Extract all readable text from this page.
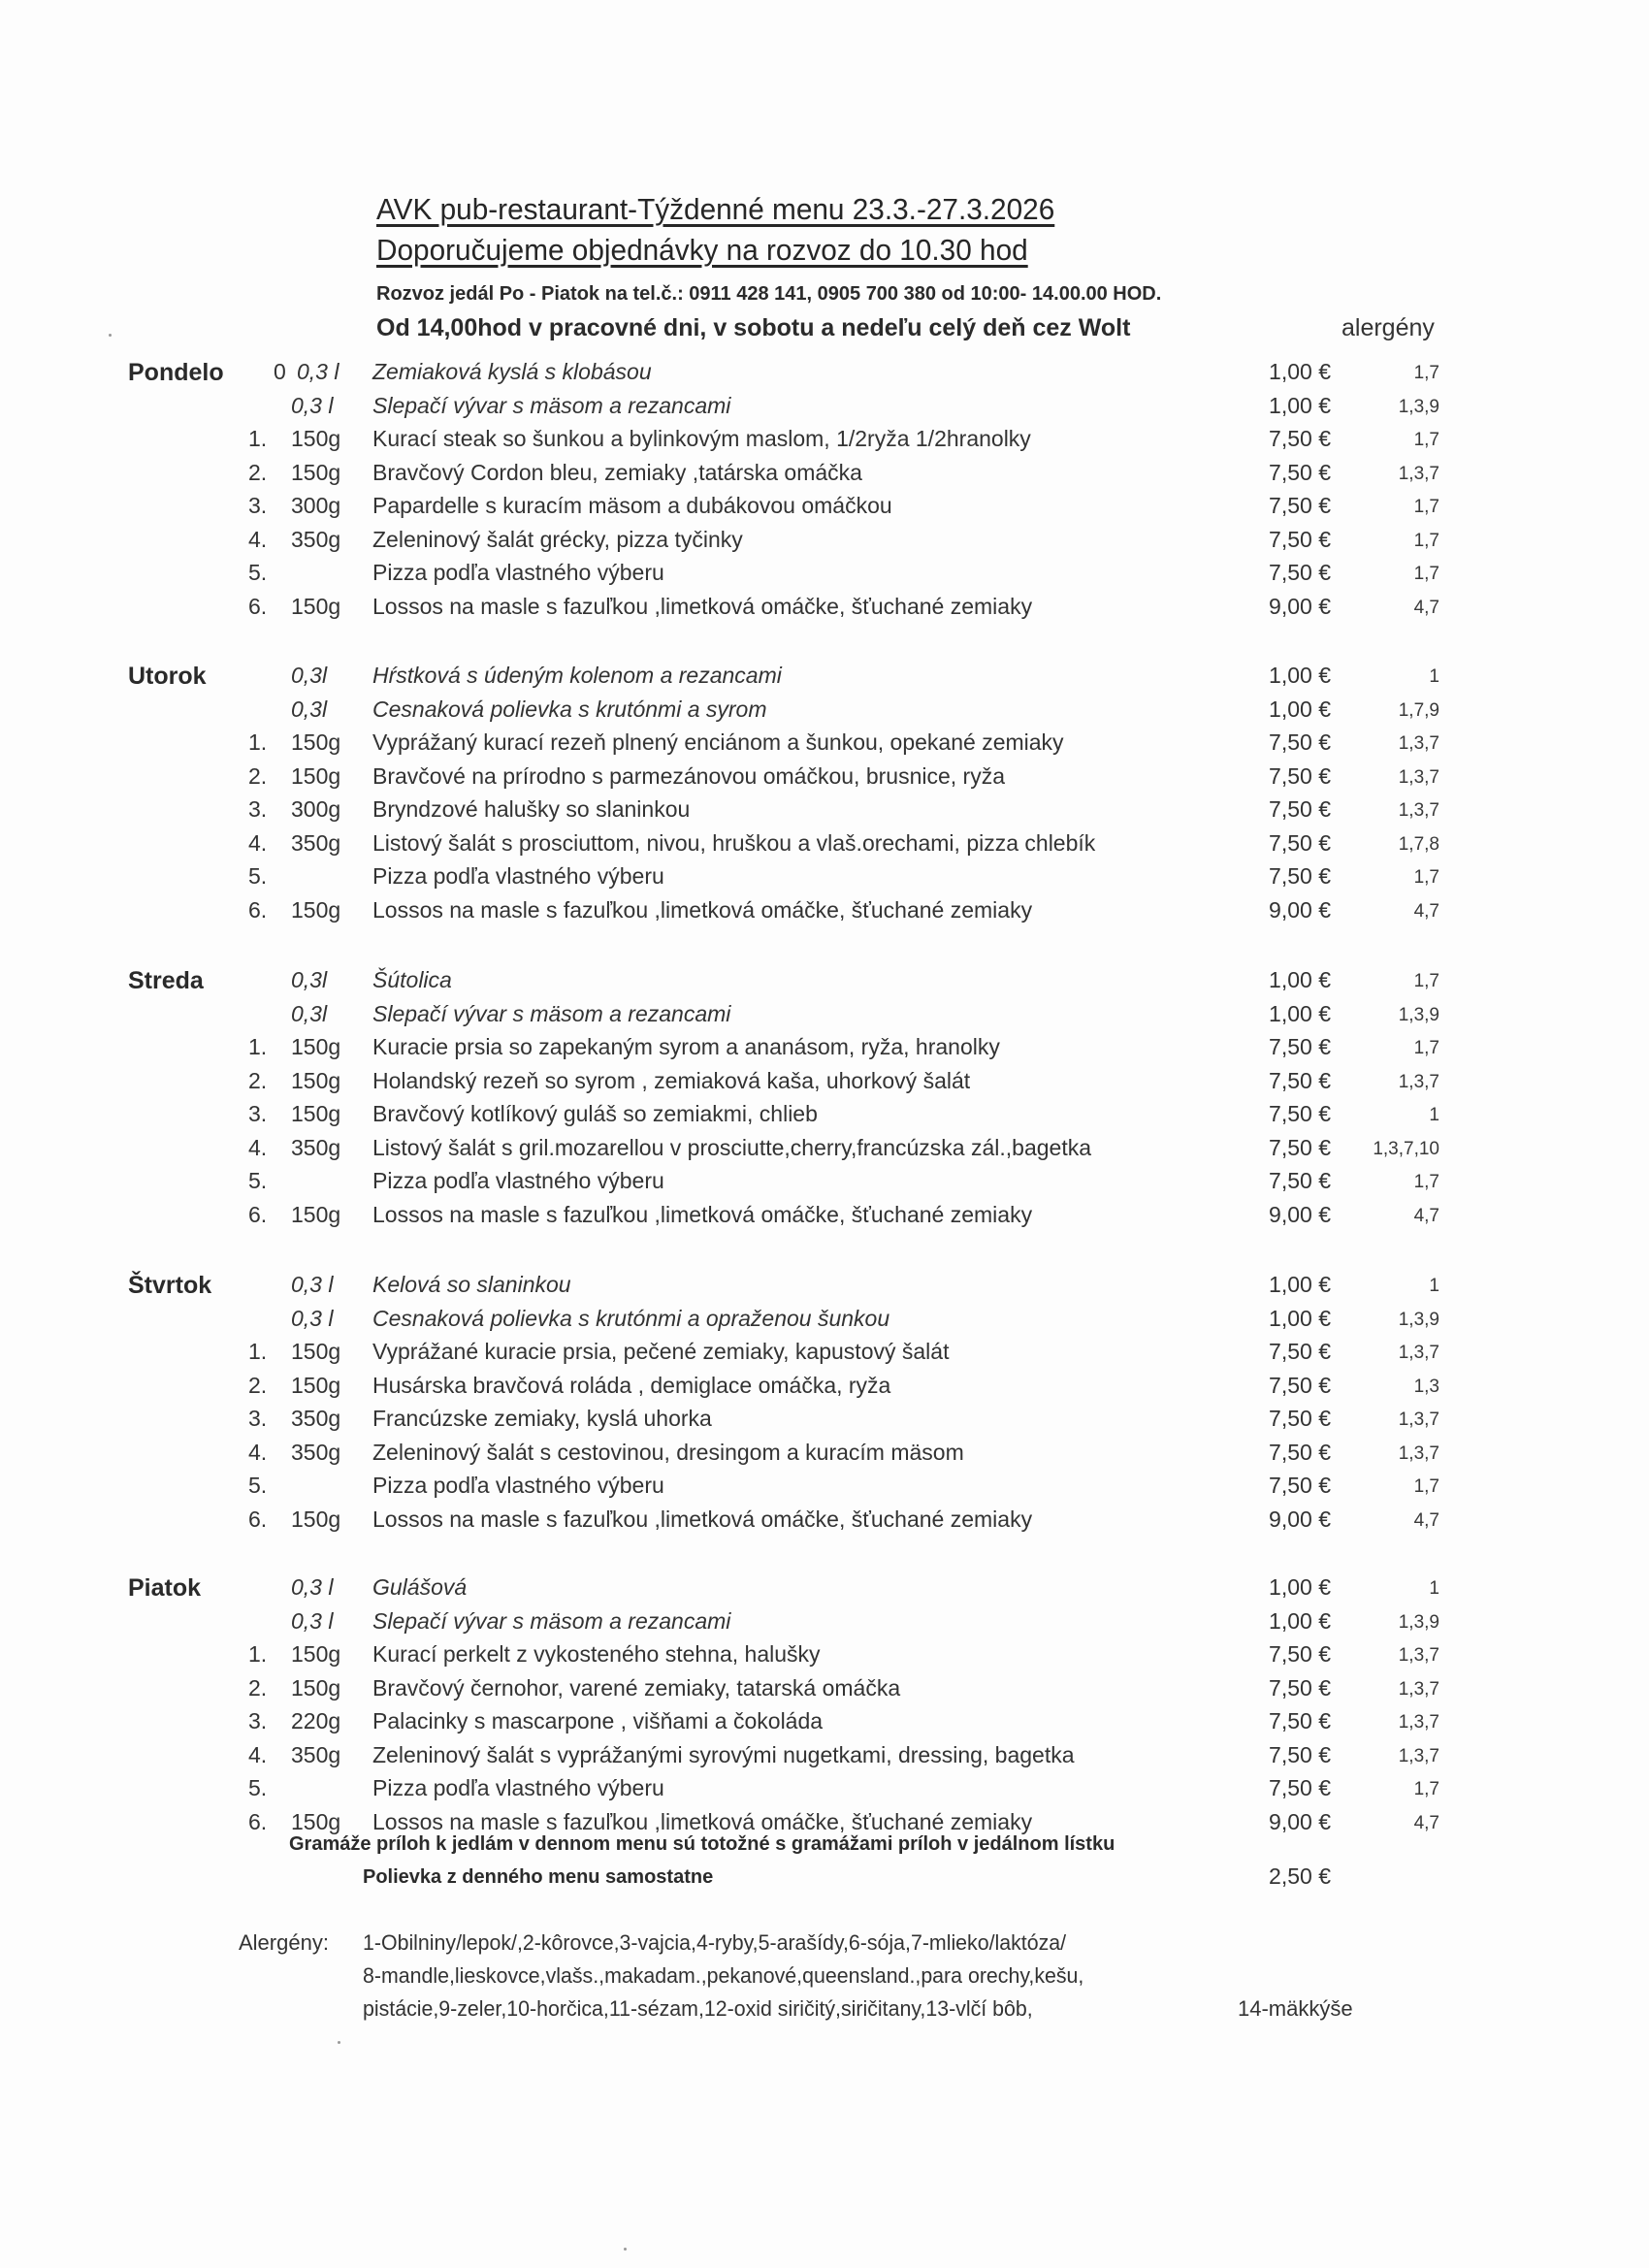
AVK pub-restaurant-Týždenné menu 23.3.-27.3.2026
Doporučujeme objednávky na rozvoz do 10.30 hod
Rozvoz jedál Po - Piatok na tel.č.: 0911 428 141, 0905 700 380 od 10:00- 14.00.00 HOD.
Od 14,00hod v pracovné dni, v sobotu a nedeľu celý deň cez Wolt	alergény
Pondelo 0 0,3 l Zemiaková kyslá s klobásou	1,00 €	1,7
0,3 l Slepačí vývar s mäsom a rezancami	1,00 €	1,3,9
1. 150g Kurací steak so šunkou a bylinkovým maslom, 1/2ryža 1/2hranolky	7,50 €	1,7
2. 150g Bravčový Cordon bleu, zemiaky ,tatárska omáčka	7,50 €	1,3,7
3. 300g Papardelle s kuracím mäsom a dubákovou omáčkou	7,50 €	1,7
4. 350g Zeleninový šalát grécky, pizza tyčinky	7,50 €	1,7
5.	Pizza podľa vlastného výberu	7,50 €	1,7
6. 150g Lossos na masle s fazuľkou ,limetková omáčke, šťuchané zemiaky	9,00 €	4,7
Utorok	0,3l Hŕstková s údeným kolenom a rezancami	1,00 €	1
0,3l Cesnaková polievka s krutónmi a syrom	1,00 €	1,7,9
1. 150g Vyprážaný kurací rezeň plnený enciánom a šunkou, opekané zemiaky	7,50 €	1,3,7
2. 150g Bravčové na prírodno s parmezánovou omáčkou, brusnice, ryža	7,50 €	1,3,7
3. 300g Bryndzové halušky so slaninkou	7,50 €	1,3,7
4. 350g Listový šalát s prosciuttom, nivou, hruškou a vlaš.orechami, pizza chlebík	7,50 €	1,7,8
5.	Pizza podľa vlastného výberu	7,50 €	1,7
6. 150g Lossos na masle s fazuľkou ,limetková omáčke, šťuchané zemiaky	9,00 €	4,7
Streda	0,3l Šútolica	1,00 €	1,7
0,3l Slepačí vývar s mäsom a rezancami	1,00 €	1,3,9
1. 150g Kuracie prsia so zapekaným syrom a ananásom, ryža, hranolky	7,50 €	1,7
2. 150g Holandský rezeň so syrom , zemiaková kaša, uhorkový šalát	7,50 €	1,3,7
3. 150g Bravčový kotlíkový guláš so zemiakmi, chlieb	7,50 €	1
4. 350g Listový šalát s gril.mozarellou v prosciutte,cherry,francúzska zál.,bagetka	7,50 €	1,3,7,10
5.	Pizza podľa vlastného výberu	7,50 €	1,7
6. 150g Lossos na masle s fazuľkou ,limetková omáčke, šťuchané zemiaky	9,00 €	4,7
Štvrtok	0,3 l Kelová so slaninkou	1,00 €	1
0,3 l Cesnaková polievka s krutónmi a opraženou šunkou	1,00 €	1,3,9
1. 150g Vyprážané kuracie prsia, pečené zemiaky, kapustový šalát	7,50 €	1,3,7
2. 150g Husárska bravčová roláda , demiglace omáčka, ryža	7,50 €	1,3
3. 350g Francúzske zemiaky, kyslá uhorka	7,50 €	1,3,7
4. 350g Zeleninový šalát s cestovinou, dresingom a kuracím mäsom	7,50 €	1,3,7
5.	Pizza podľa vlastného výberu	7,50 €	1,7
6. 150g Lossos na masle s fazuľkou ,limetková omáčke, šťuchané zemiaky	9,00 €	4,7
Piatok	0,3 l Gulášová	1,00 €	1
0,3 l Slepačí vývar s mäsom a rezancami	1,00 €	1,3,9
1. 150g Kurací perkelt z vykosteného stehna, halušky	7,50 €	1,3,7
2. 150g Bravčový černohor, varené zemiaky, tatarská omáčka	7,50 €	1,3,7
3. 220g Palacinky s mascarpone , višňami a čokoláda	7,50 €	1,3,7
4. 350g Zeleninový šalát s vyprážanými syrovými nugetkami, dressing, bagetka	7,50 €	1,3,7
5.	Pizza podľa vlastného výberu	7,50 €	1,7
6. 150g Lossos na masle s fazuľkou ,limetková omáčke, šťuchané zemiaky	9,00 €	4,7
Gramáže príloh k jedlám v dennom menu sú totožné s gramážami príloh v jedálnom lístku
Polievka z denného menu samostatne	2,50 €
Alergény: 1-Obilniny/lepok/,2-kôrovce,3-vajcia,4-ryby,5-arašídy,6-sója,7-mlieko/laktóza/
8-mandle,lieskovce,vlašs.,makadam.,pekanové,queensland.,para orechy,kešu,
pistácie,9-zeler,10-horčica,11-sézam,12-oxid siričitý,siričitany,13-vlčí bôb,	14-mäkkýše
